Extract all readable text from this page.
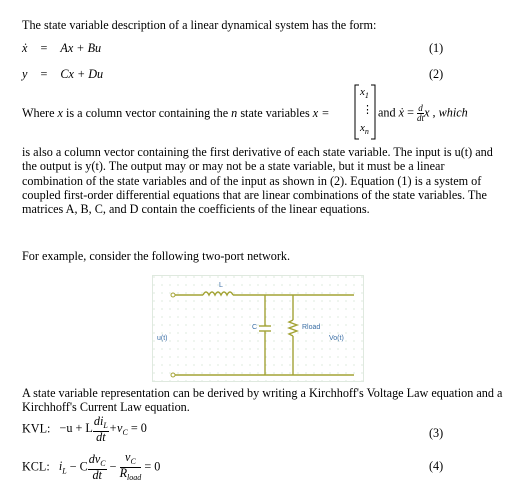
The state variable description of a linear dynamical system has the form:
ẋ = Ax + Bu	(1)
y = Cx + Du	(2)
Where x is a column vector containing the n state variables x =
$x_1$
⋮
$x_n$
and ẋ = $\frac{d}{dt}$ x , which
is also a column vector containing the first derivative of each state variable. The input is u(t) and the output is y(t). The output may or may not be a state variable, but it must be a linear combination of the state variables and of the input as shown in (2). Equation (1) is a system of coupled first-order differential equations that are linear combinations of the state variables. The matrices A, B, C, and D contain the coefficients of the linear equations.
For example, consider the following two-port network.
L
C	Rload
u(t)	Vo(t)
A state variable representation can be derived by writing a Kirchhoff's Voltage Law equation and a Kirchhoff's Current Law equation.
KVL: −u + L $\frac{di_L}{dt} +v_C = 0$	(3)
KCL: $i_L - C \frac{dv_C}{dt} - \frac{v_C}{R_{load}} = 0$	(4)
